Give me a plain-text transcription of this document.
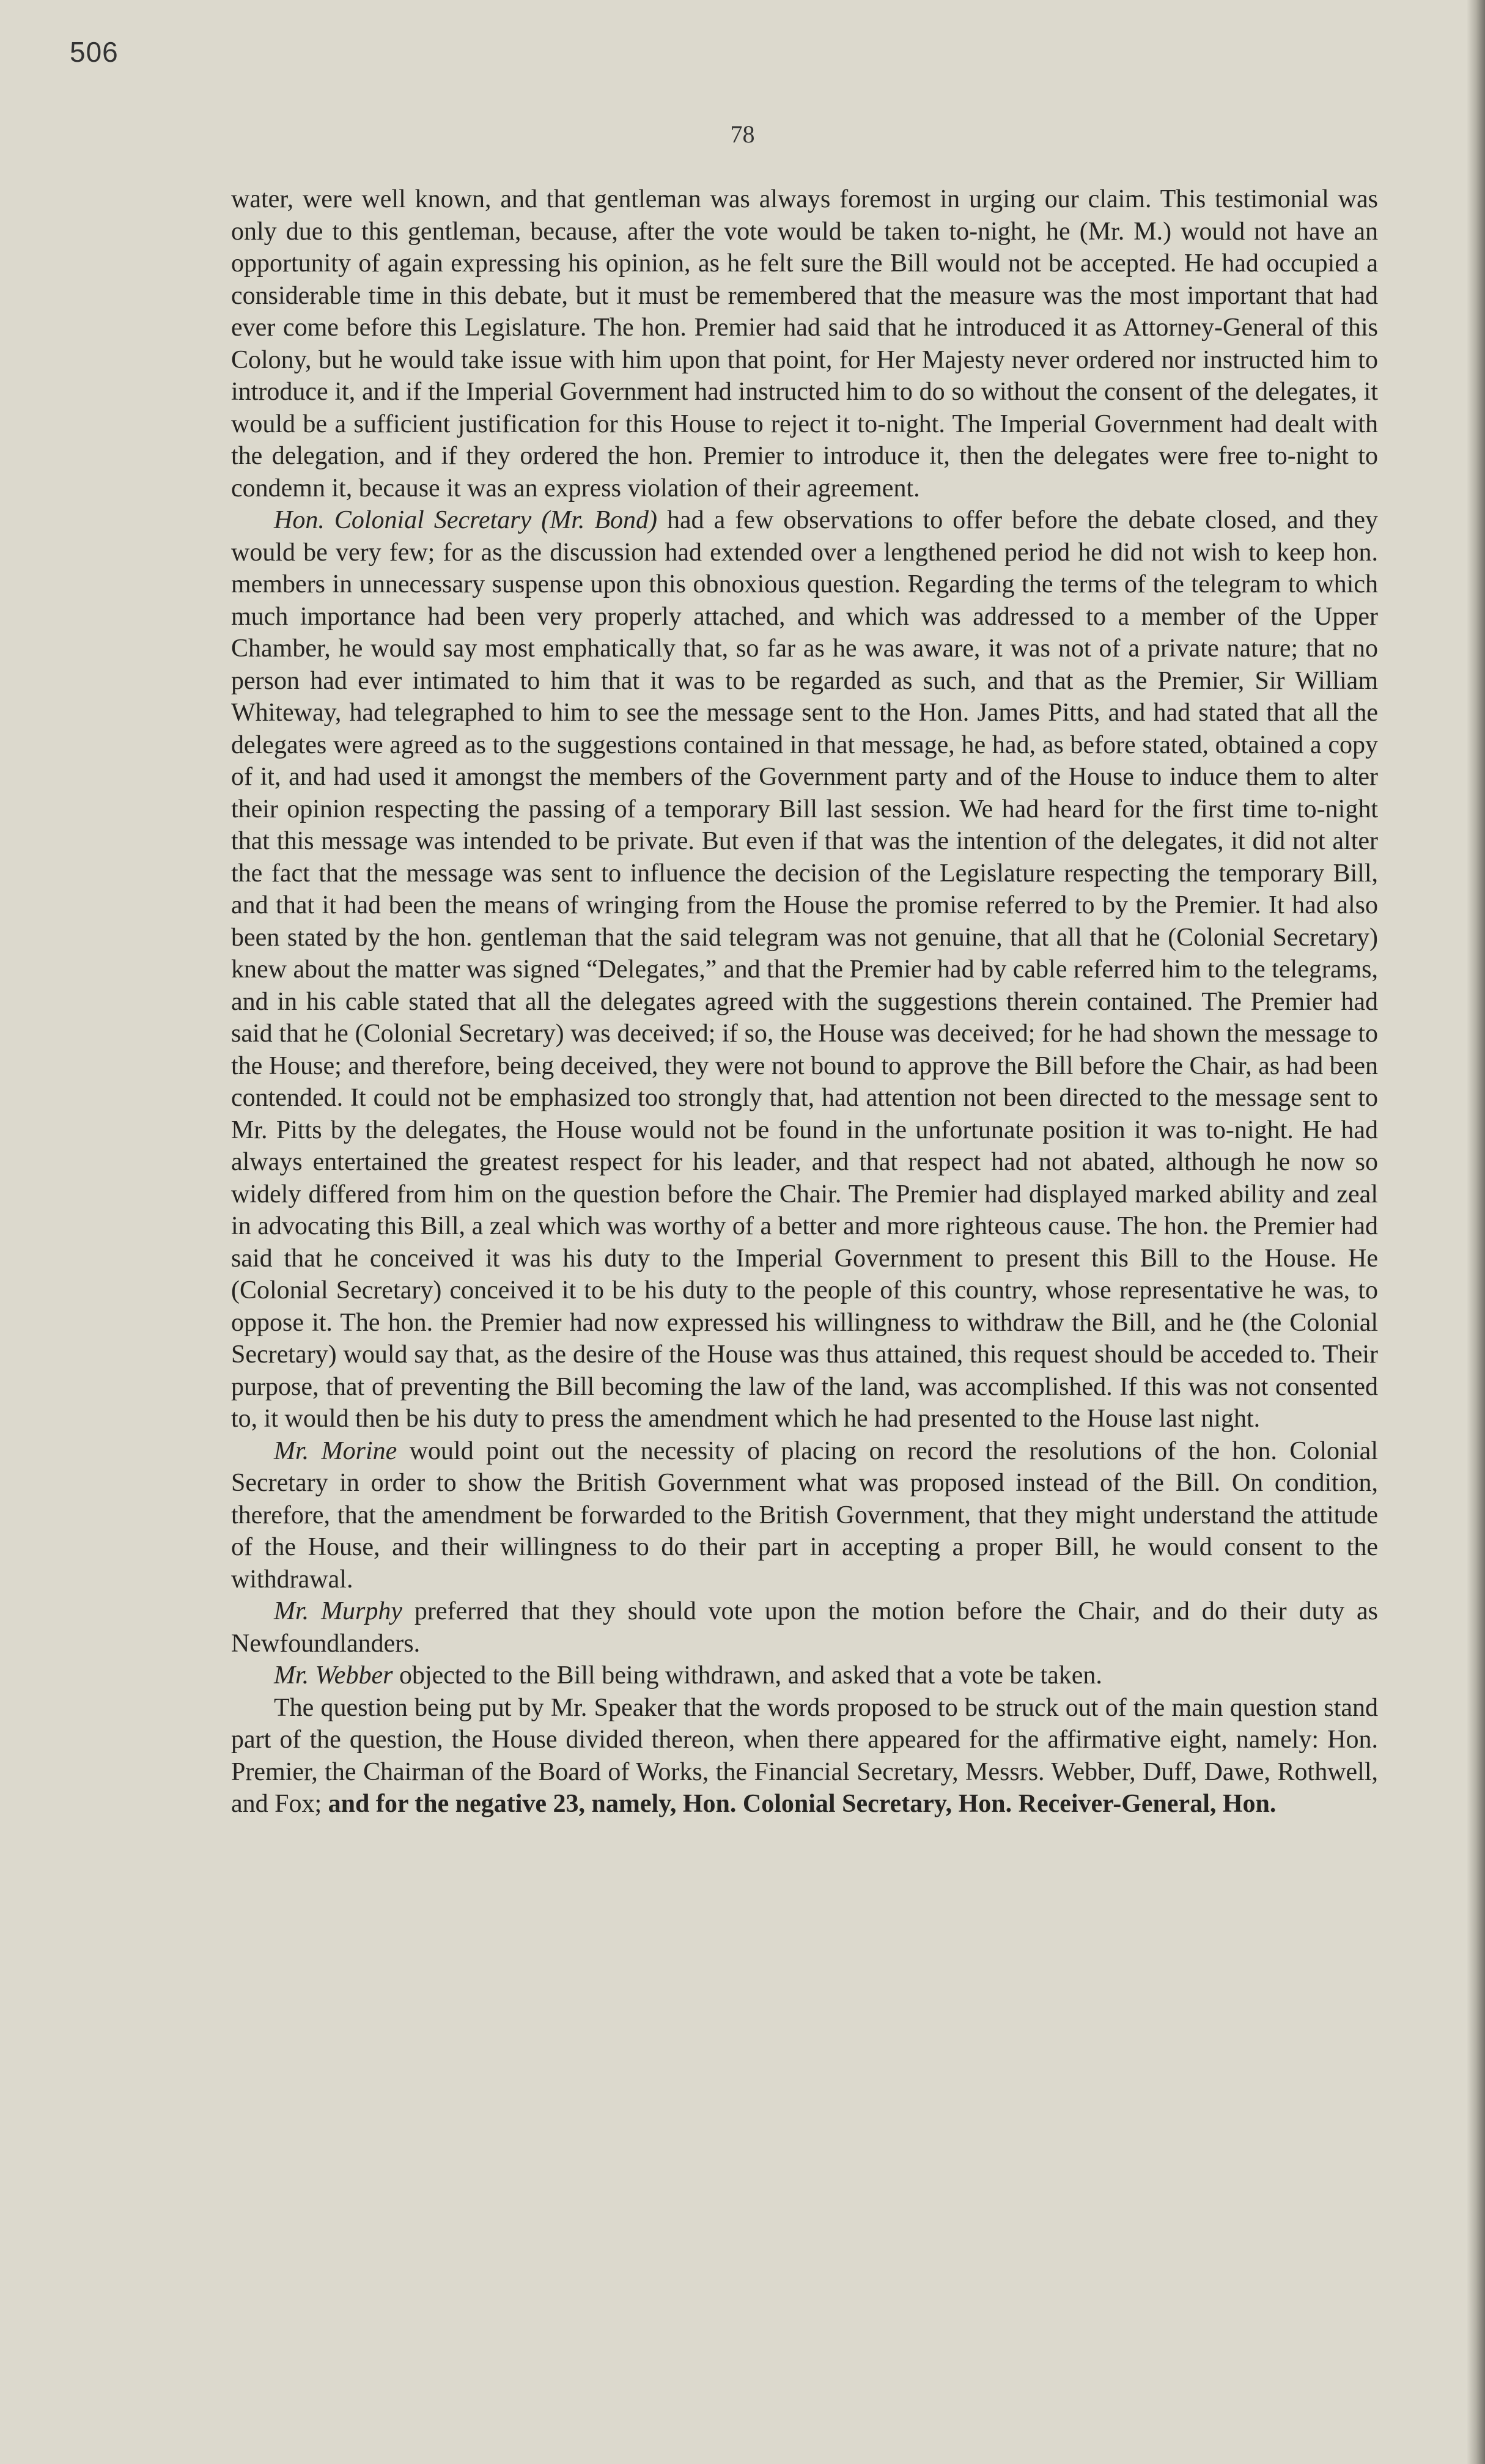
506
78

water, were well known, and that gentleman was always foremost in urging our claim. This testimonial was only due to this gentleman, because, after the vote would be taken to-night, he (Mr. M.) would not have an opportunity of again expressing his opinion, as he felt sure the Bill would not be accepted. He had occupied a considerable time in this debate, but it must be remembered that the measure was the most important that had ever come before this Legislature. The hon. Premier had said that he introduced it as Attorney-General of this Colony, but he would take issue with him upon that point, for Her Majesty never ordered nor instructed him to introduce it, and if the Imperial Government had instructed him to do so without the consent of the delegates, it would be a sufficient justification for this House to reject it to-night. The Imperial Government had dealt with the delegation, and if they ordered the hon. Premier to introduce it, then the delegates were free to-night to condemn it, because it was an express violation of their agreement.

Hon. Colonial Secretary (Mr. Bond) had a few observations to offer before the debate closed, and they would be very few; for as the discussion had extended over a lengthened period he did not wish to keep hon. members in unnecessary suspense upon this obnoxious question. Regarding the terms of the telegram to which much importance had been very properly attached, and which was addressed to a member of the Upper Chamber, he would say most emphatically that, so far as he was aware, it was not of a private nature; that no person had ever intimated to him that it was to be regarded as such, and that as the Premier, Sir William Whiteway, had telegraphed to him to see the message sent to the Hon. James Pitts, and had stated that all the delegates were agreed as to the suggestions contained in that message, he had, as before stated, obtained a copy of it, and had used it amongst the members of the Government party and of the House to induce them to alter their opinion respecting the passing of a temporary Bill last session. We had heard for the first time to-night that this message was intended to be private. But even if that was the intention of the delegates, it did not alter the fact that the message was sent to influence the decision of the Legislature respecting the temporary Bill, and that it had been the means of wringing from the House the promise referred to by the Premier. It had also been stated by the hon. gentleman that the said telegram was not genuine, that all that he (Colonial Secretary) knew about the matter was signed “Delegates,” and that the Premier had by cable referred him to the telegrams, and in his cable stated that all the delegates agreed with the suggestions therein contained. The Premier had said that he (Colonial Secretary) was deceived; if so, the House was deceived; for he had shown the message to the House; and therefore, being deceived, they were not bound to approve the Bill before the Chair, as had been contended. It could not be emphasized too strongly that, had attention not been directed to the message sent to Mr. Pitts by the delegates, the House would not be found in the unfortunate position it was to-night. He had always entertained the greatest respect for his leader, and that respect had not abated, although he now so widely differed from him on the question before the Chair. The Premier had displayed marked ability and zeal in advocating this Bill, a zeal which was worthy of a better and more righteous cause. The hon. the Premier had said that he conceived it was his duty to the Imperial Government to present this Bill to the House. He (Colonial Secretary) conceived it to be his duty to the people of this country, whose representative he was, to oppose it. The hon. the Premier had now expressed his willingness to withdraw the Bill, and he (the Colonial Secretary) would say that, as the desire of the House was thus attained, this request should be acceded to. Their purpose, that of preventing the Bill becoming the law of the land, was accomplished. If this was not consented to, it would then be his duty to press the amendment which he had presented to the House last night.

Mr. Morine would point out the necessity of placing on record the resolutions of the hon. Colonial Secretary in order to show the British Government what was proposed instead of the Bill. On condition, therefore, that the amendment be forwarded to the British Government, that they might understand the attitude of the House, and their willingness to do their part in accepting a proper Bill, he would consent to the withdrawal.

Mr. Murphy preferred that they should vote upon the motion before the Chair, and do their duty as Newfoundlanders.

Mr. Webber objected to the Bill being withdrawn, and asked that a vote be taken.

The question being put by Mr. Speaker that the words proposed to be struck out of the main question stand part of the question, the House divided thereon, when there appeared for the affirmative eight, namely: Hon. Premier, the Chairman of the Board of Works, the Financial Secretary, Messrs. Webber, Duff, Dawe, Rothwell, and Fox; and for the negative 23, namely, Hon. Colonial Secretary, Hon. Receiver-General, Hon.
